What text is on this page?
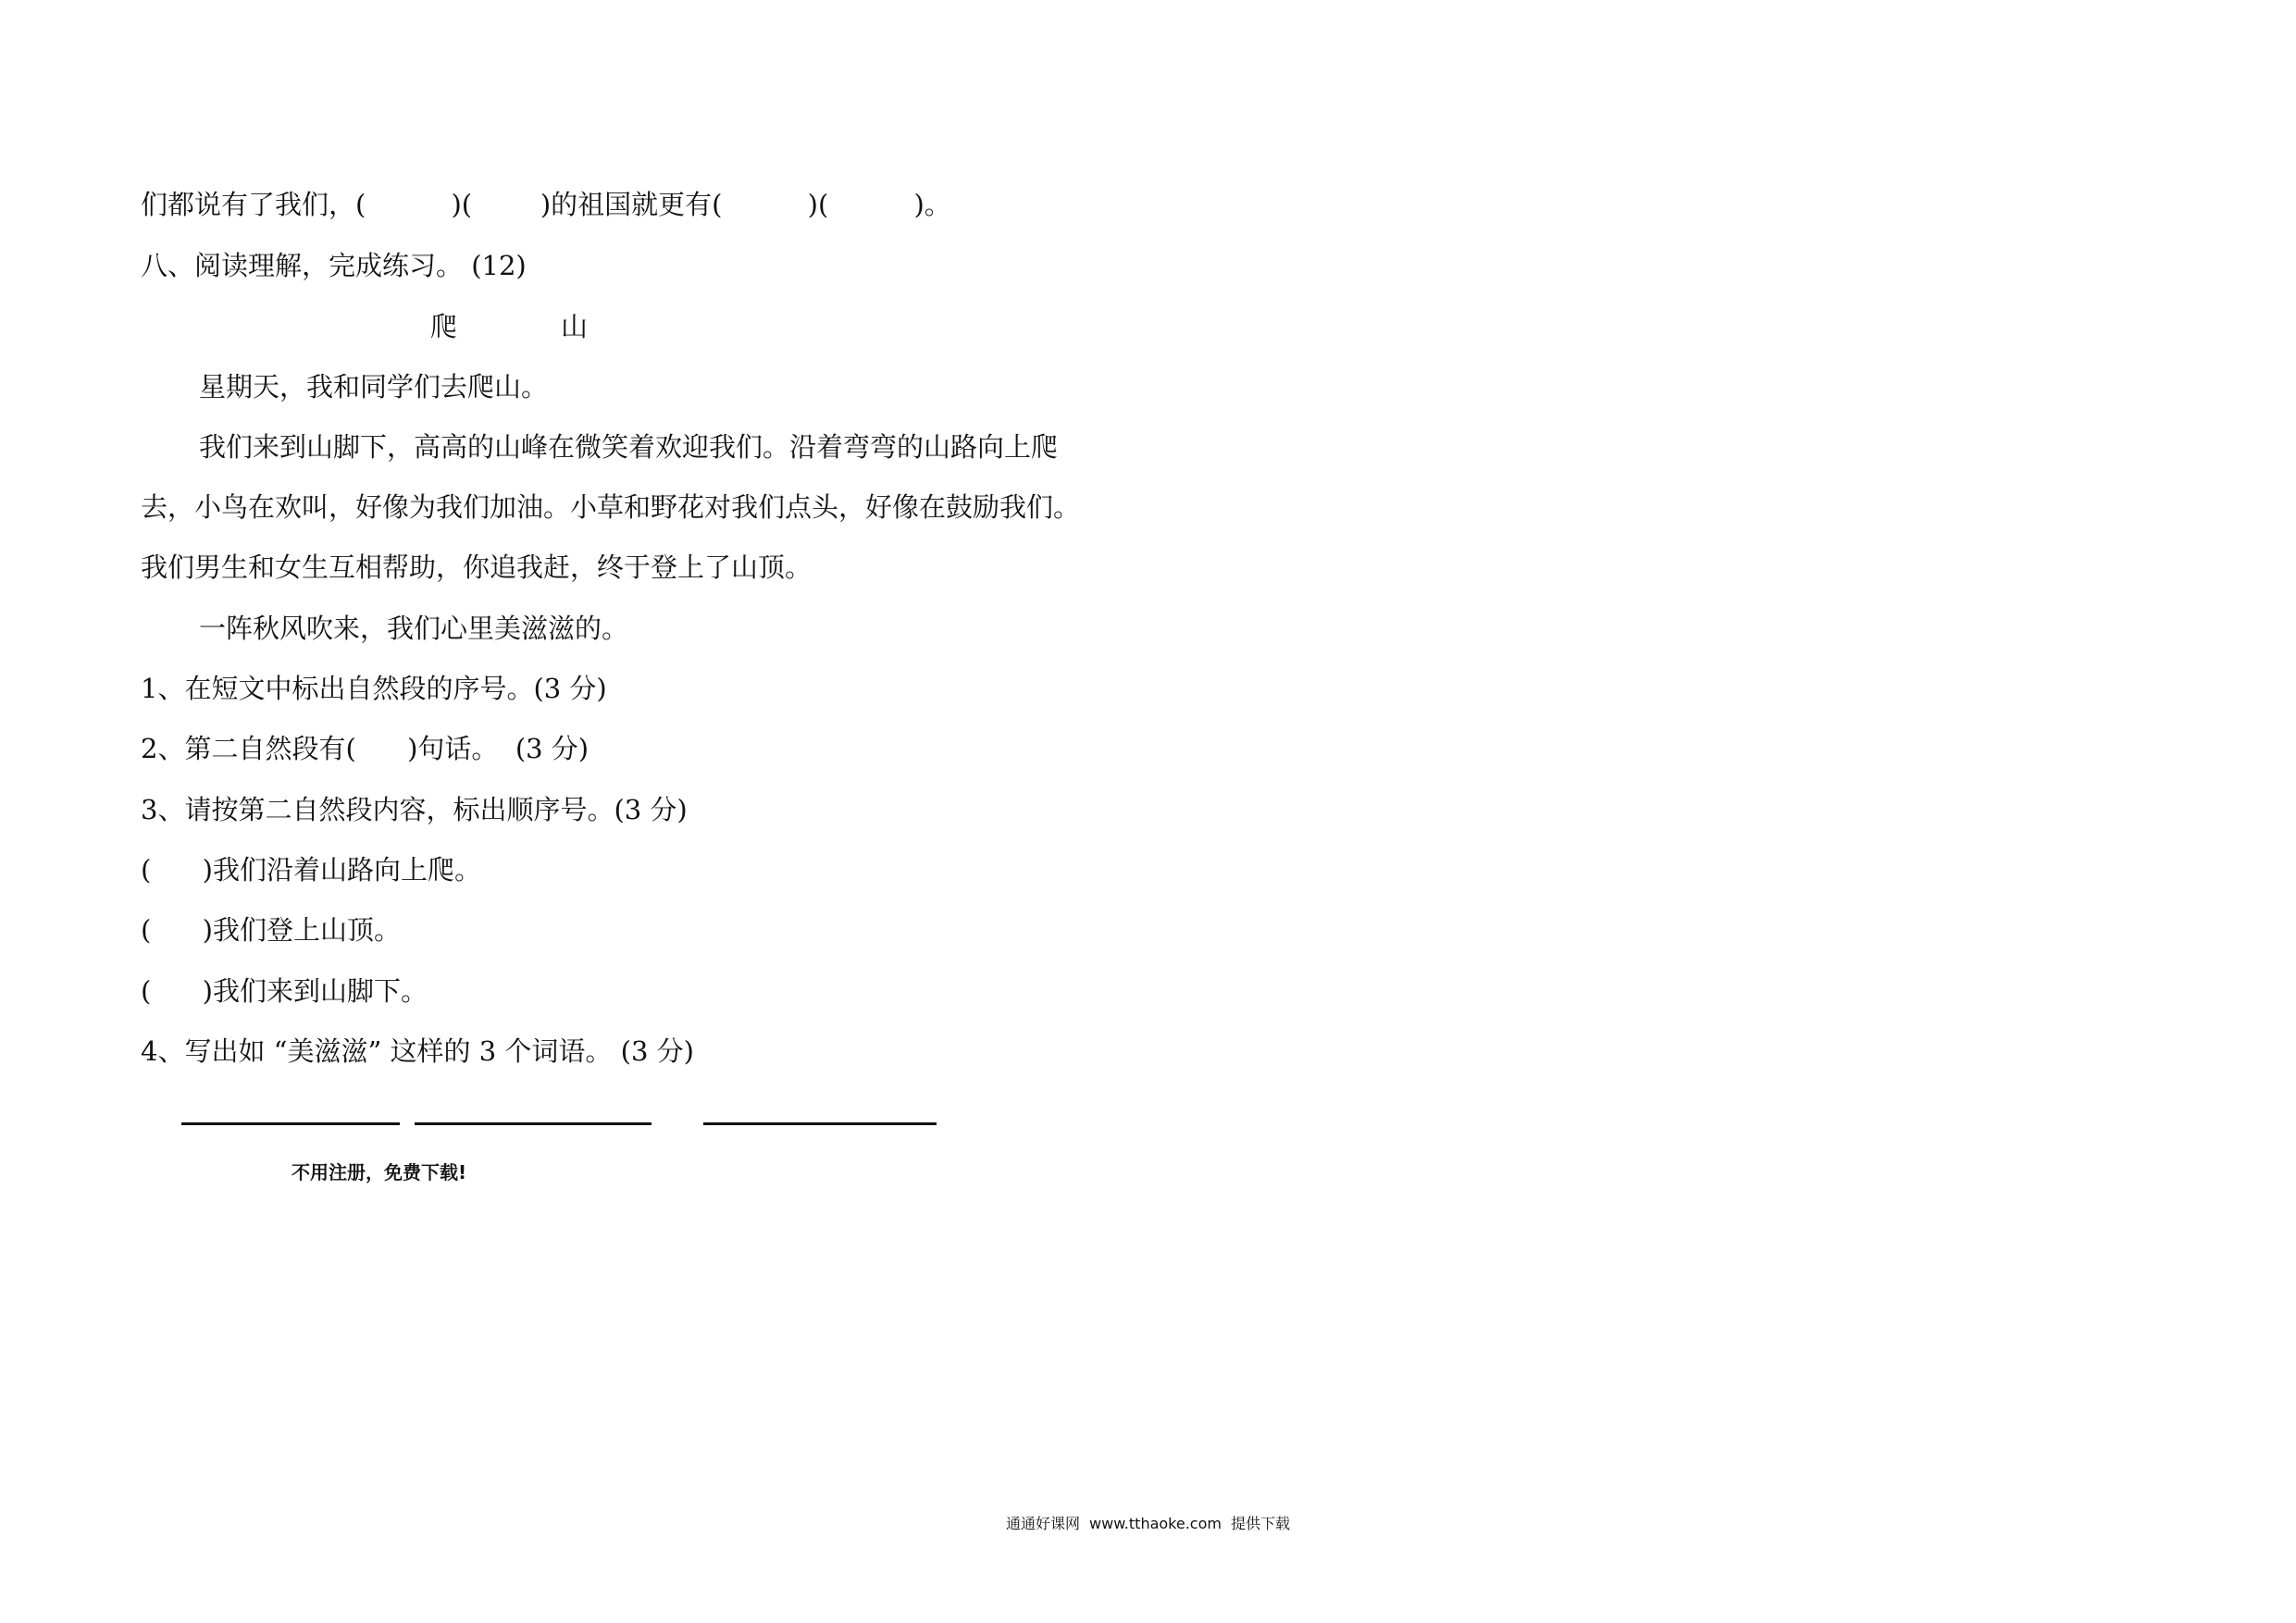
们都说有了我们，(          )(        )的祖国就更有(          )(          )。
八、阅读理解，完成练习。 (12)
爬	山
星期天，我和同学们去爬山。
我们来到山脚下，高高的山峰在微笑着欢迎我们。沿着弯弯的山路向上爬
去，小鸟在欢叫，好像为我们加油。小草和野花对我们点头，好像在鼓励我们。
我们男生和女生互相帮助，你追我赶，终于登上了山顶。
一阵秋风吹来，我们心里美滋滋的。
1、在短文中标出自然段的序号。(3 分)
2、第二自然段有(      )句话。  (3 分)
3、请按第二自然段内容，标出顺序号。(3 分)
(      )我们沿着山路向上爬。
(      )我们登上山顶。
(      )我们来到山脚下。
4、写出如 “美滋滋” 这样的 3 个词语。 (3 分)
不用注册，免费下载!
通通好课网 www.tthaoke.com 提供下载
